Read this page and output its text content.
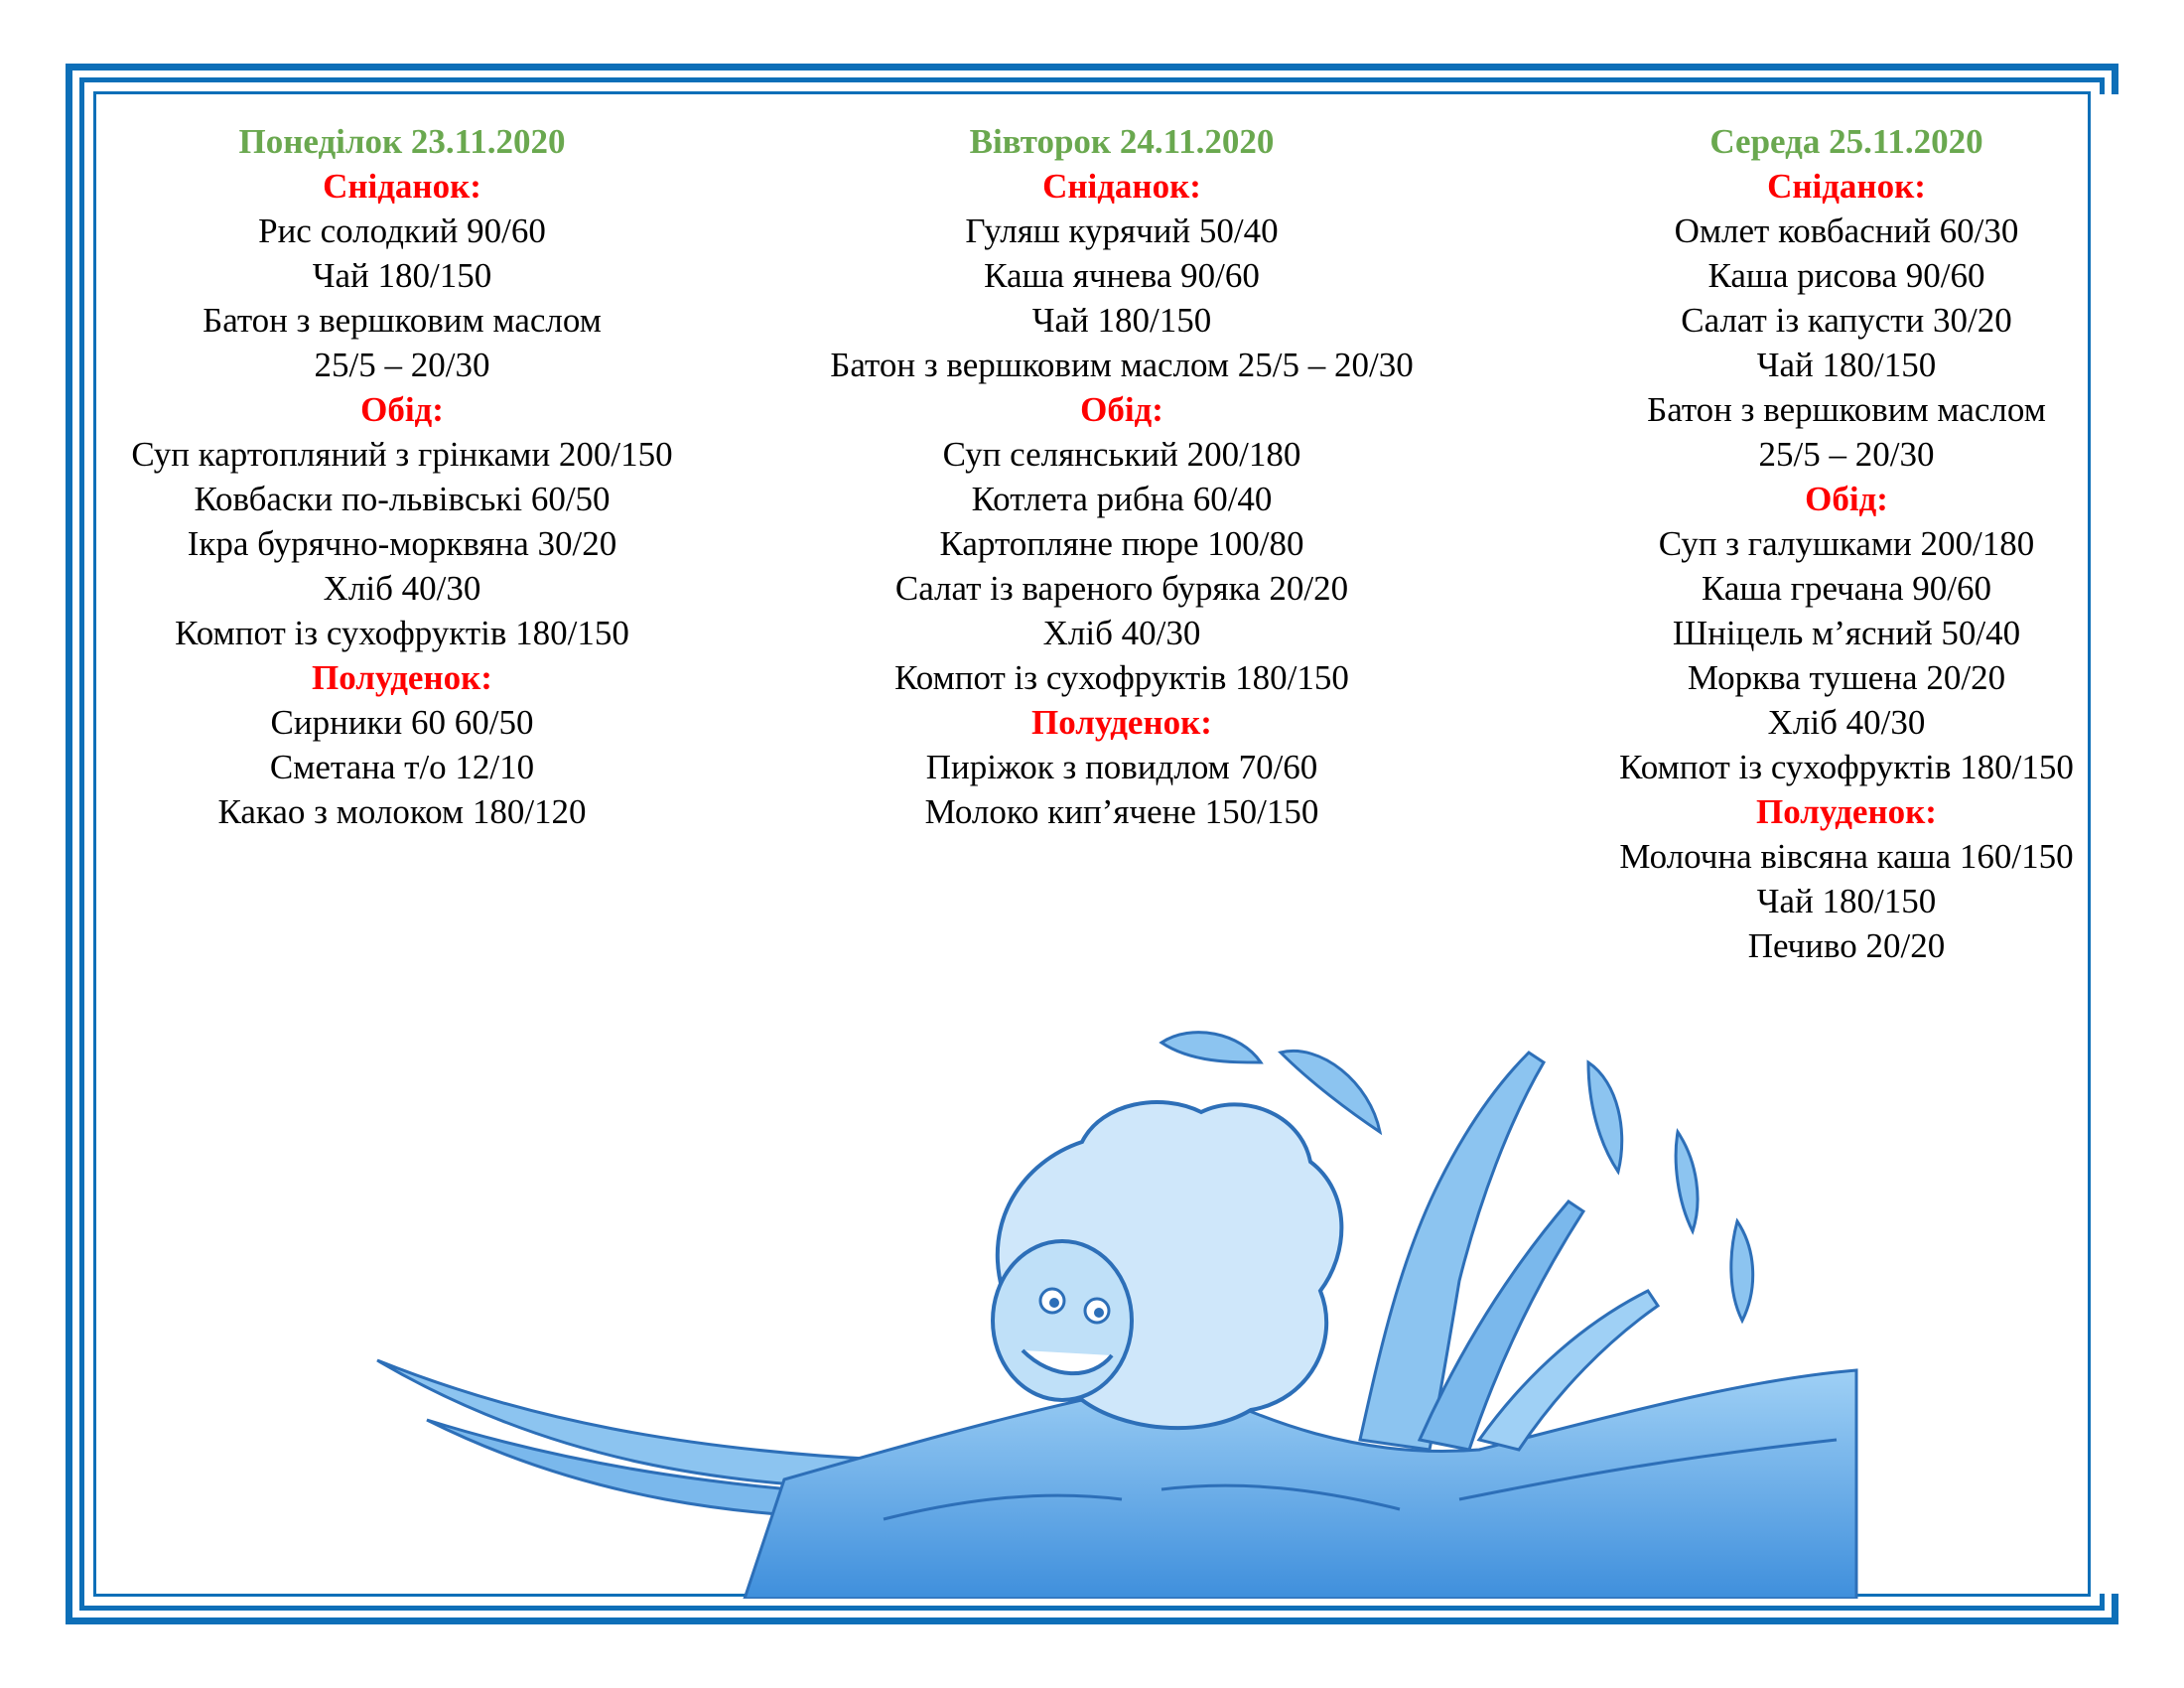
Понеділок 23.11.2020
Сніданок:
Рис солодкий 90/60
Чай 180/150
Батон з вершковим маслом
25/5 – 20/30
Обід:
Суп картопляний з грінками 200/150
Ковбаски по-львівські 60/50
Ікра бурячно-морквяна 30/20
Хліб 40/30
Компот із сухофруктів 180/150
Полуденок:
Сирники 60 60/50
Сметана т/о 12/10
Какао з молоком 180/120
Вівторок 24.11.2020
Сніданок:
Гуляш курячий 50/40
Каша ячнева 90/60
Чай 180/150
Батон з вершковим маслом 25/5 – 20/30
Обід:
Суп селянський 200/180
Котлета рибна 60/40
Картопляне пюре 100/80
Салат із вареного буряка 20/20
Хліб 40/30
Компот із сухофруктів 180/150
Полуденок:
Пиріжок з повидлом 70/60
Молоко кип’ячене 150/150
Середа 25.11.2020
Сніданок:
Омлет ковбасний 60/30
Каша рисова 90/60
Салат із капусти 30/20
Чай 180/150
Батон з вершковим маслом
25/5 – 20/30
Обід:
Суп з галушками 200/180
Каша гречана 90/60
Шніцель м’ясний 50/40
Морква тушена 20/20
Хліб 40/30
Компот із сухофруктів 180/150
Полуденок:
Молочна вівсяна каша 160/150
Чай 180/150
Печиво 20/20
